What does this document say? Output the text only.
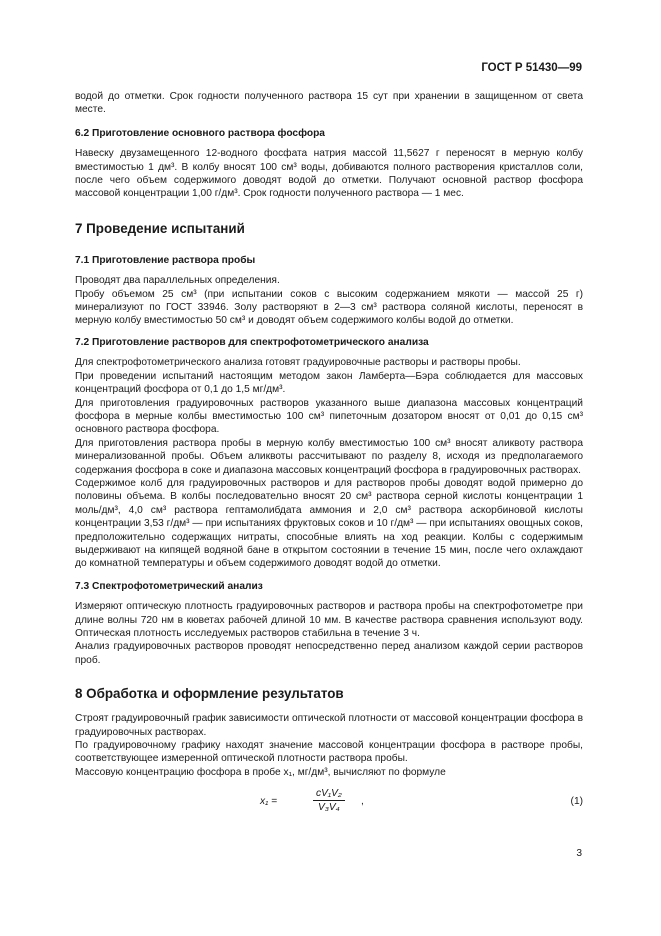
ГОСТ Р 51430—99

водой до отметки. Срок годности полученного раствора 15 сут при хранении в защищенном от света месте.

6.2 Приготовление основного раствора фосфора

Навеску двузамещенного 12-водного фосфата натрия массой 11,5627 г переносят в мерную колбу вместимостью 1 дм³. В колбу вносят 100 см³ воды, добиваются полного растворения кристаллов соли, после чего объем содержимого доводят водой до отметки. Получают основной раствор фосфора массовой концентрации 1,00 г/дм³. Срок годности полученного раствора — 1 мес.

7 Проведение испытаний
7.1 Приготовление раствора пробы

Проводят два параллельных определения.

Пробу объемом 25 см³ (при испытании соков с высоким содержанием мякоти — массой 25 г) минерализуют по ГОСТ 33946. Золу растворяют в 2—3 см³ раствора соляной кислоты, переносят в мерную колбу вместимостью 50 см³ и доводят объем содержимого колбы водой до отметки.

7.2 Приготовление растворов для спектрофотометрического анализа

Для спектрофотометрического анализа готовят градуировочные растворы и растворы пробы.

При проведении испытаний настоящим методом закон Ламберта—Бэра соблюдается для массовых концентраций фосфора от 0,1 до 1,5 мг/дм³.

Для приготовления градуировочных растворов указанного выше диапазона массовых концентраций фосфора в мерные колбы вместимостью 100 см³ пипеточным дозатором вносят от 0,01 до 0,15 см³ основного раствора фосфора.

Для приготовления раствора пробы в мерную колбу вместимостью 100 см³ вносят аликвоту раствора минерализованной пробы. Объем аликвоты рассчитывают по разделу 8, исходя из предполагаемого содержания фосфора в соке и диапазона массовых концентраций фосфора в градуировочных растворах.

Содержимое колб для градуировочных растворов и для растворов пробы доводят водой примерно до половины объема. В колбы последовательно вносят 20 см³ раствора серной кислоты концентрации 1 моль/дм³, 4,0 см³ раствора гептамолибдата аммония и 2,0 см³ раствора аскорбиновой кислоты концентрации 3,53 г/дм³ — при испытаниях фруктовых соков и 10 г/дм³ — при испытаниях овощных соков, предположительно содержащих нитраты, способные влиять на ход реакции. Колбы с содержимым выдерживают на кипящей водяной бане в открытом состоянии в течение 15 мин, после чего охлаждают до комнатной температуры и объем содержимого доводят водой до отметки.

7.3 Спектрофотометрический анализ

Измеряют оптическую плотность градуировочных растворов и раствора пробы на спектрофотометре при длине волны 720 нм в кюветах рабочей длиной 10 мм. В качестве раствора сравнения используют воду. Оптическая плотность исследуемых растворов стабильна в течение 3 ч.

Анализ градуировочных растворов проводят непосредственно перед анализом каждой серии растворов проб.

8 Обработка и оформление результатов

Строят градуировочный график зависимости оптической плотности от массовой концентрации фосфора в градуировочных растворах.

По градуировочному графику находят значение массовой концентрации фосфора в растворе пробы, соответствующее измеренной оптической плотности раствора пробы.

Массовую концентрацию фосфора в пробе x₁, мг/дм³, вычисляют по формуле

x₁ =	$\frac{\text{cV₁V₂}}{\text{V₃V₄}}$ ,	(1)
3
